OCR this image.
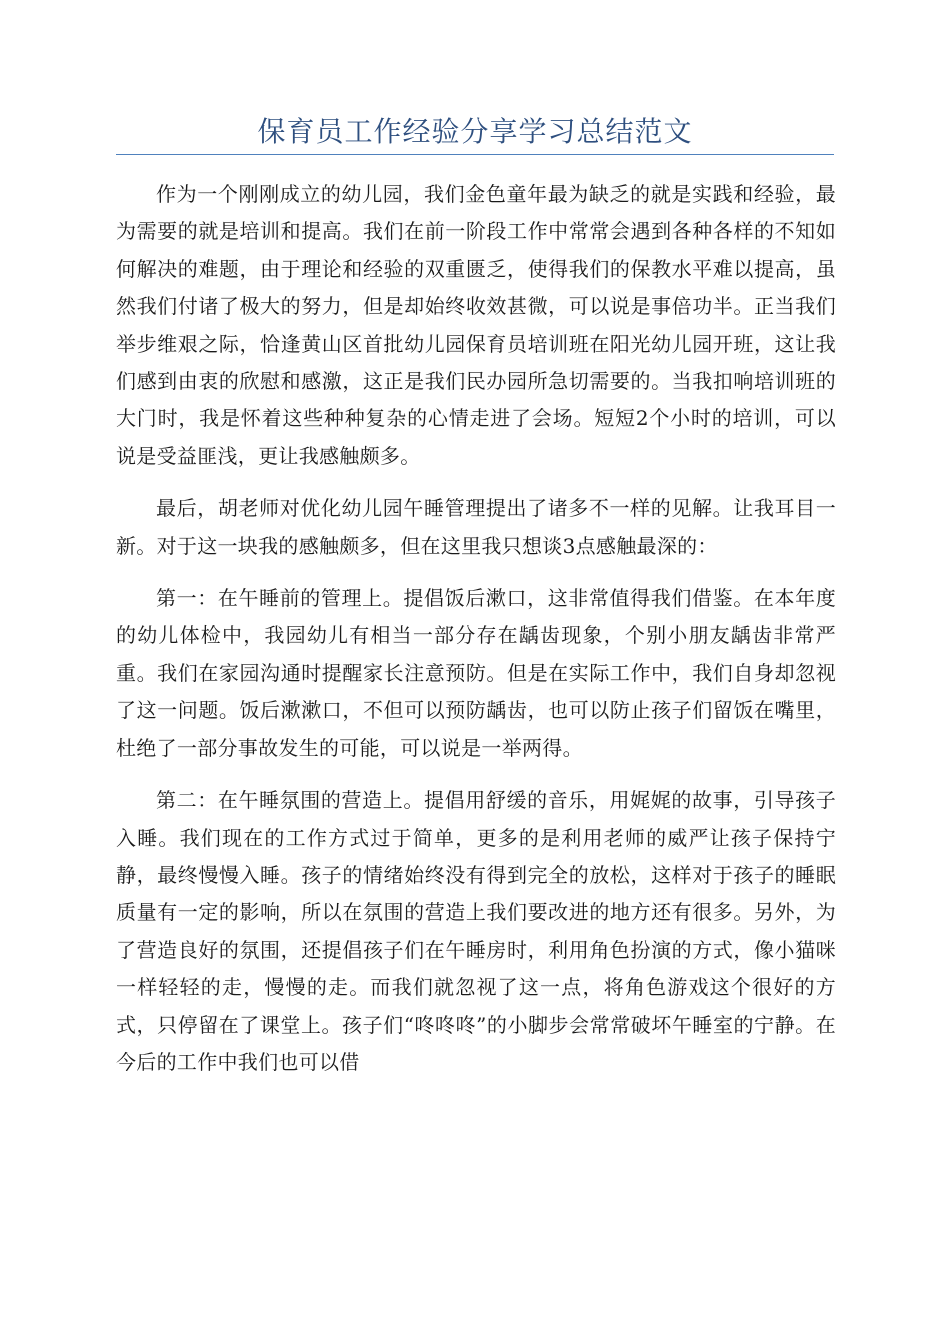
保育员工作经验分享学习总结范文

作为一个刚刚成立的幼儿园，我们金色童年最为缺乏的就是实践和经验，最为需要的就是培训和提高。我们在前一阶段工作中常常会遇到各种各样的不知如何解决的难题，由于理论和经验的双重匮乏，使得我们的保教水平难以提高，虽然我们付诸了极大的努力，但是却始终收效甚微，可以说是事倍功半。正当我们举步维艰之际，恰逢黄山区首批幼儿园保育员培训班在阳光幼儿园开班，这让我们感到由衷的欣慰和感激，这正是我们民办园所急切需要的。当我扣响培训班的大门时，我是怀着这些种种复杂的心情走进了会场。短短2个小时的培训，可以说是受益匪浅，更让我感触颇多。

最后，胡老师对优化幼儿园午睡管理提出了诸多不一样的见解。让我耳目一新。对于这一块我的感触颇多，但在这里我只想谈3点感触最深的：

第一：在午睡前的管理上。提倡饭后漱口，这非常值得我们借鉴。在本年度的幼儿体检中，我园幼儿有相当一部分存在龋齿现象，个别小朋友龋齿非常严重。我们在家园沟通时提醒家长注意预防。但是在实际工作中，我们自身却忽视了这一问题。饭后漱漱口，不但可以预防龋齿，也可以防止孩子们留饭在嘴里，杜绝了一部分事故发生的可能，可以说是一举两得。

第二：在午睡氛围的营造上。提倡用舒缓的音乐，用娓娓的故事，引导孩子入睡。我们现在的工作方式过于简单，更多的是利用老师的威严让孩子保持宁静，最终慢慢入睡。孩子的情绪始终没有得到完全的放松，这样对于孩子的睡眠质量有一定的影响，所以在氛围的营造上我们要改进的地方还有很多。另外，为了营造良好的氛围，还提倡孩子们在午睡房时，利用角色扮演的方式，像小猫咪一样轻轻的走，慢慢的走。而我们就忽视了这一点，将角色游戏这个很好的方式，只停留在了课堂上。孩子们“咚咚咚”的小脚步会常常破坏午睡室的宁静。在今后的工作中我们也可以借
